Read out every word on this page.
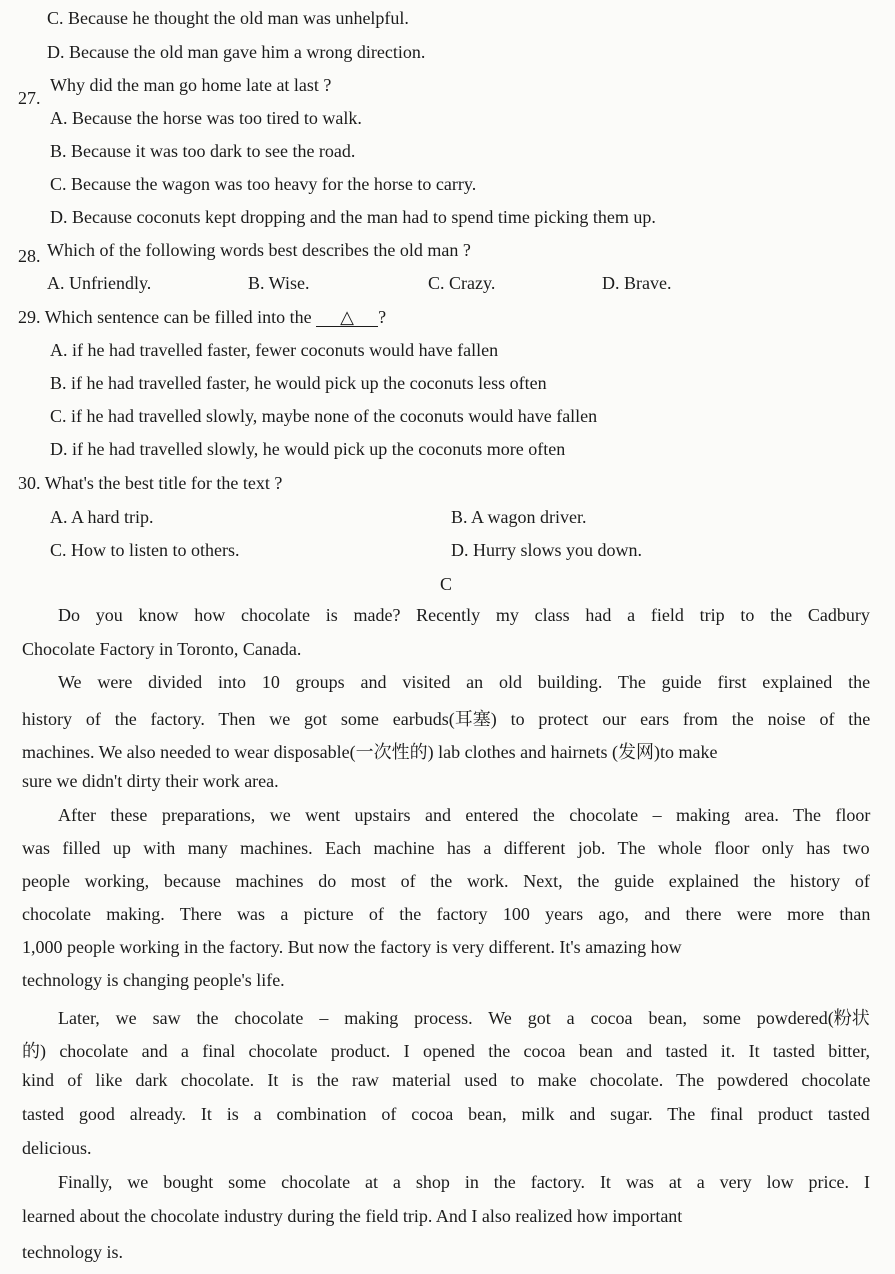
C. Because he thought the old man was unhelpful.
D. Because the old man gave him a wrong direction.
27.
Why did the man go home late at last ?
A. Because the horse was too tired to walk.
B. Because it was too dark to see the road.
C. Because the wagon was too heavy for the horse to carry.
D. Because coconuts kept dropping and the man had to spend time picking them up.
28. Which of the following words best describes the old man ?
A. Unfriendly.	B. Wise.	C. Crazy.	D. Brave.
29. Which sentence can be filled into the △ ?
A. if he had travelled faster, fewer coconuts would have fallen
B. if he had travelled faster, he would pick up the coconuts less often
C. if he had travelled slowly, maybe none of the coconuts would have fallen
D. if he had travelled slowly, he would pick up the coconuts more often
30. What's the best title for the text ?
A. A hard trip.	B. A wagon driver.
C. How to listen to others.	D. Hurry slows you down.
C
Do you know how chocolate is made? Recently my class had a field trip to the Cadbury
Chocolate Factory in Toronto, Canada.
We were divided into 10 groups and visited an old building. The guide first explained the
history of the factory. Then we got some earbuds(耳塞) to protect our ears from the noise of the
machines. We also needed to wear disposable(一次性的) lab clothes and hairnets (发网)to make
sure we didn't dirty their work area.
After these preparations, we went upstairs and entered the chocolate – making area. The floor
was filled up with many machines. Each machine has a different job. The whole floor only has two
people working, because machines do most of the work. Next, the guide explained the history of
chocolate making. There was a picture of the factory 100 years ago, and there were more than
1,000 people working in the factory. But now the factory is very different. It's amazing how
technology is changing people's life.
Later, we saw the chocolate – making process. We got a cocoa bean, some powdered(粉状
的) chocolate and a final chocolate product. I opened the cocoa bean and tasted it. It tasted bitter,
kind of like dark chocolate. It is the raw material used to make chocolate. The powdered chocolate
tasted good already. It is a combination of cocoa bean, milk and sugar. The final product tasted
delicious.
Finally, we bought some chocolate at a shop in the factory. It was at a very low price. I
learned about the chocolate industry during the field trip. And I also realized how important
technology is.
